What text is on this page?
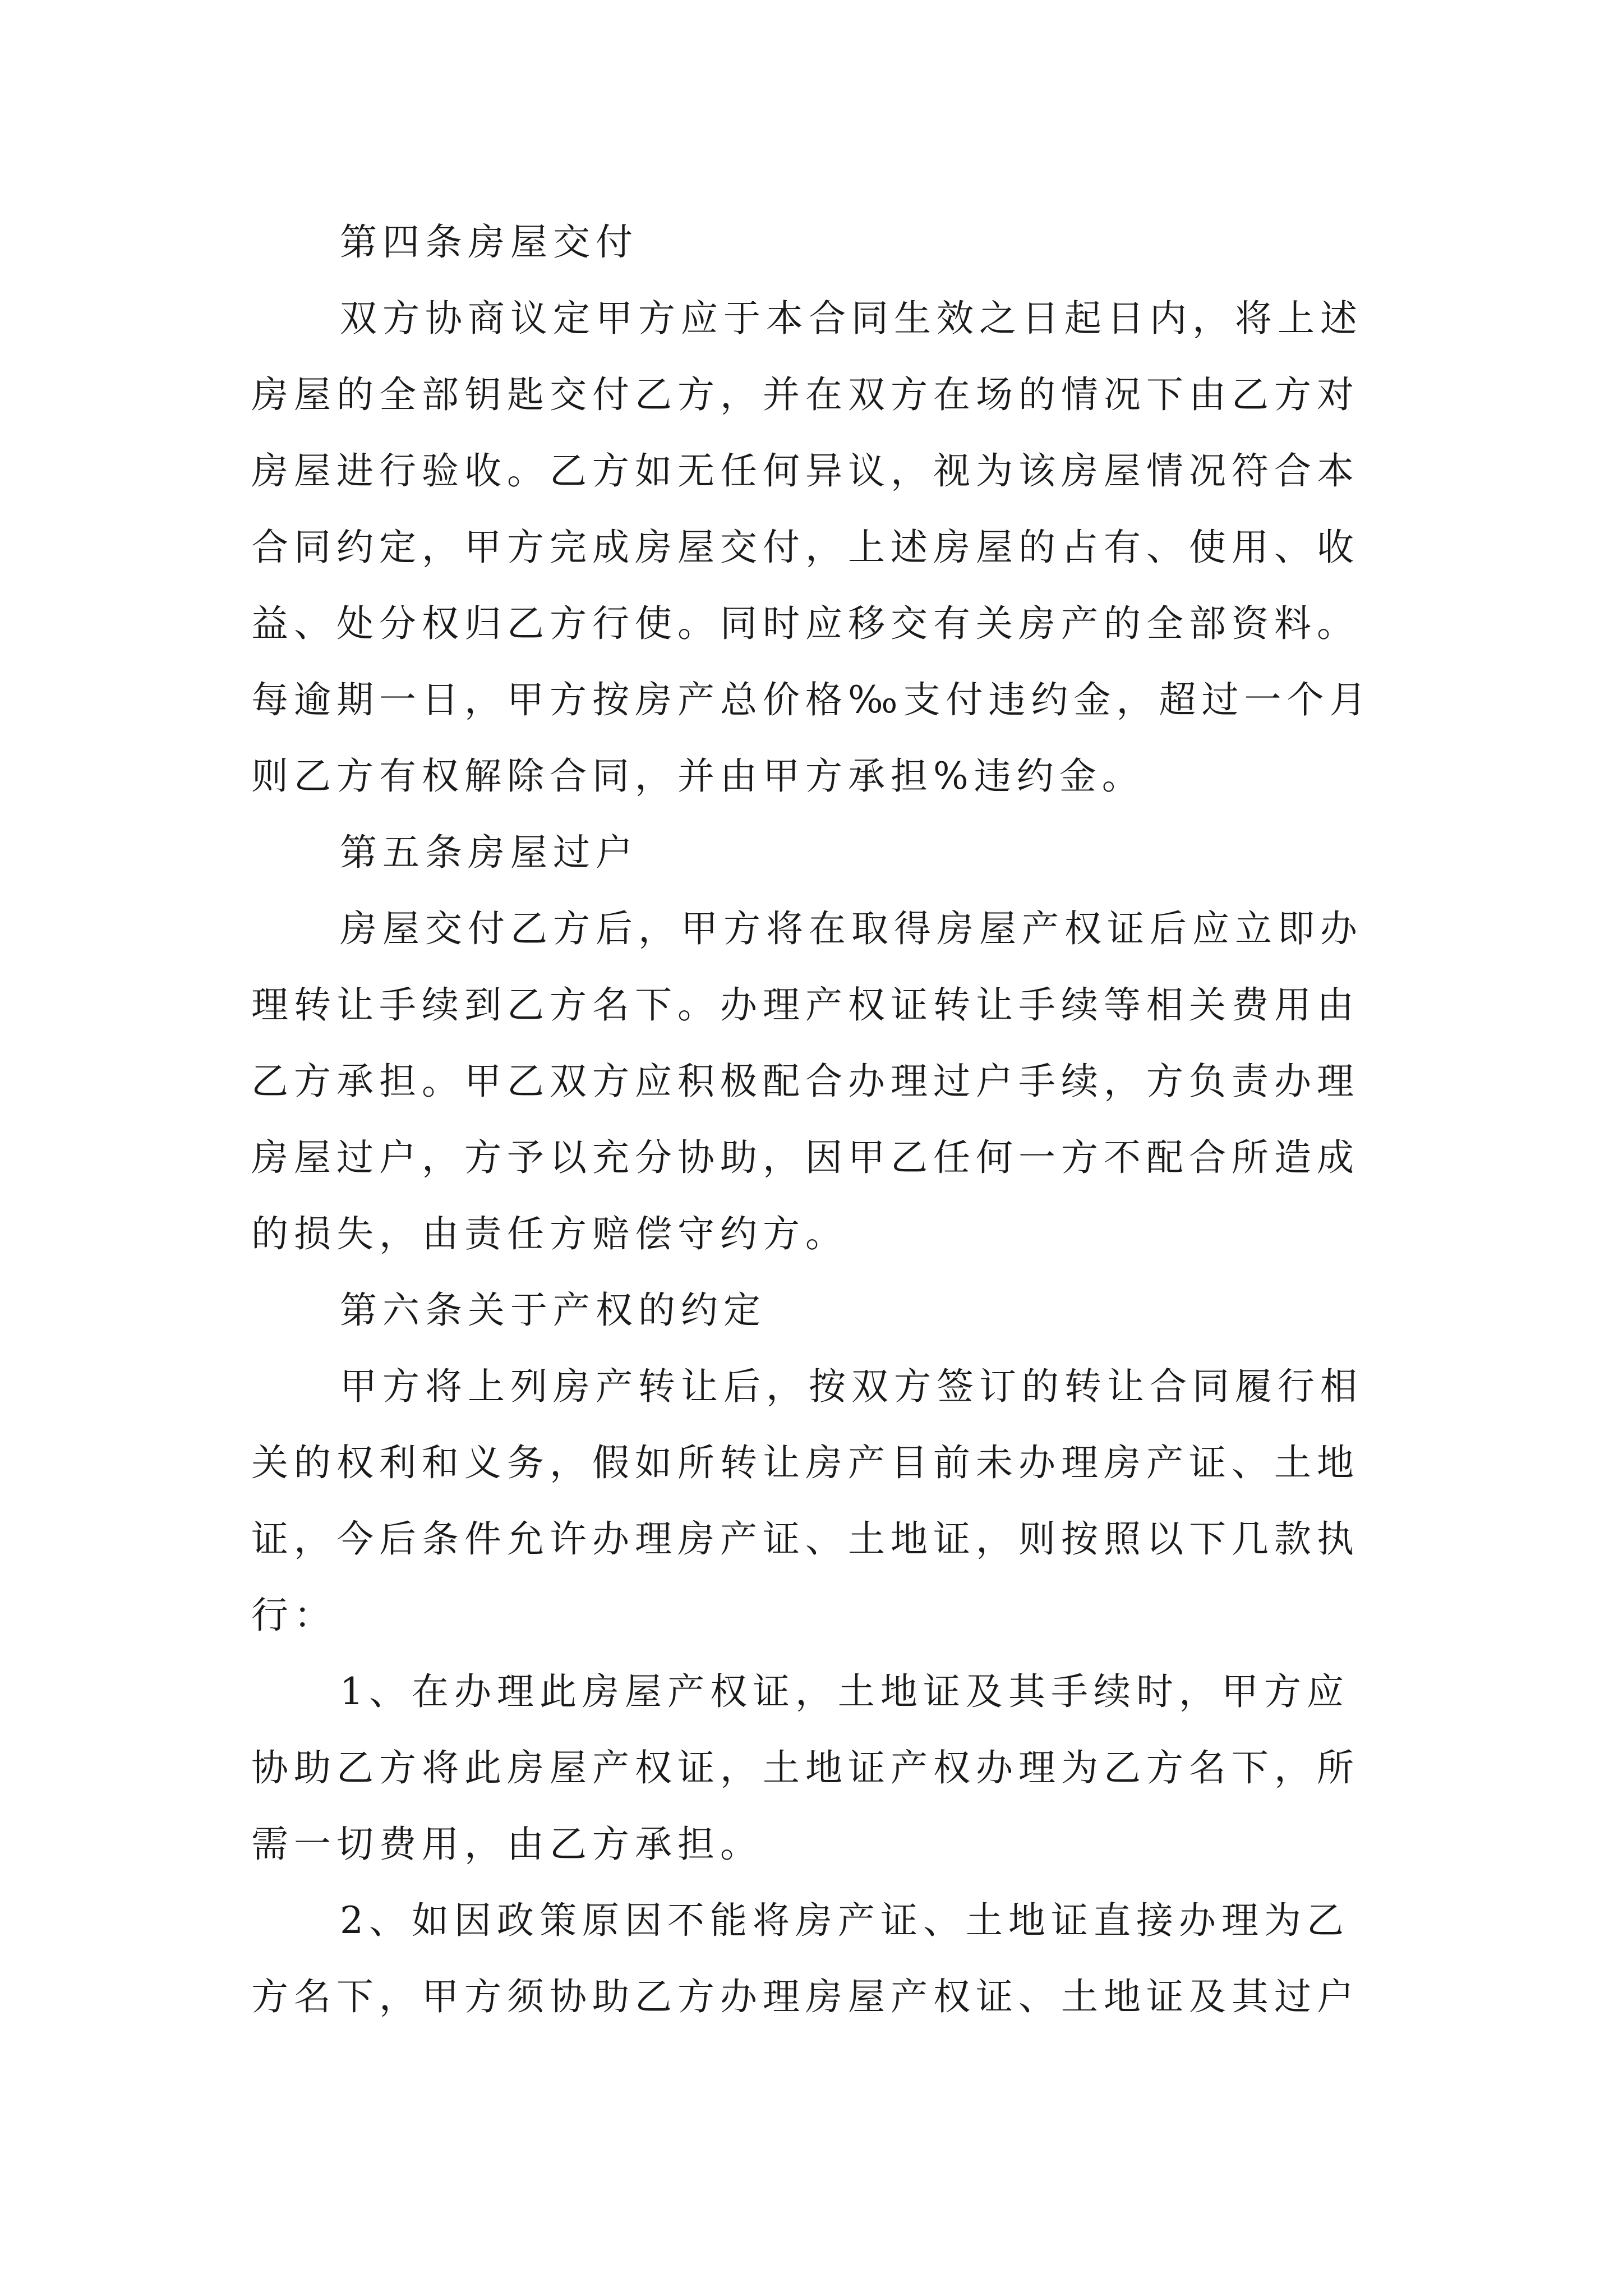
第四条房屋交付
双方协商议定甲方应于本合同生效之日起日内，将上述
房屋的全部钥匙交付乙方，并在双方在场的情况下由乙方对
房屋进行验收。乙方如无任何异议，视为该房屋情况符合本
合同约定，甲方完成房屋交付，上述房屋的占有、使用、收
益、处分权归乙方行使。同时应移交有关房产的全部资料。
每逾期一日，甲方按房产总价格‰支付违约金，超过一个月
则乙方有权解除合同，并由甲方承担%违约金。
第五条房屋过户
房屋交付乙方后，甲方将在取得房屋产权证后应立即办
理转让手续到乙方名下。办理产权证转让手续等相关费用由
乙方承担。甲乙双方应积极配合办理过户手续，方负责办理
房屋过户，方予以充分协助，因甲乙任何一方不配合所造成
的损失，由责任方赔偿守约方。
第六条关于产权的约定
甲方将上列房产转让后，按双方签订的转让合同履行相
关的权利和义务，假如所转让房产目前未办理房产证、土地
证，今后条件允许办理房产证、土地证，则按照以下几款执
行：
1、在办理此房屋产权证，土地证及其手续时，甲方应
协助乙方将此房屋产权证，土地证产权办理为乙方名下，所
需一切费用，由乙方承担。
2、如因政策原因不能将房产证、土地证直接办理为乙
方名下，甲方须协助乙方办理房屋产权证、土地证及其过户
